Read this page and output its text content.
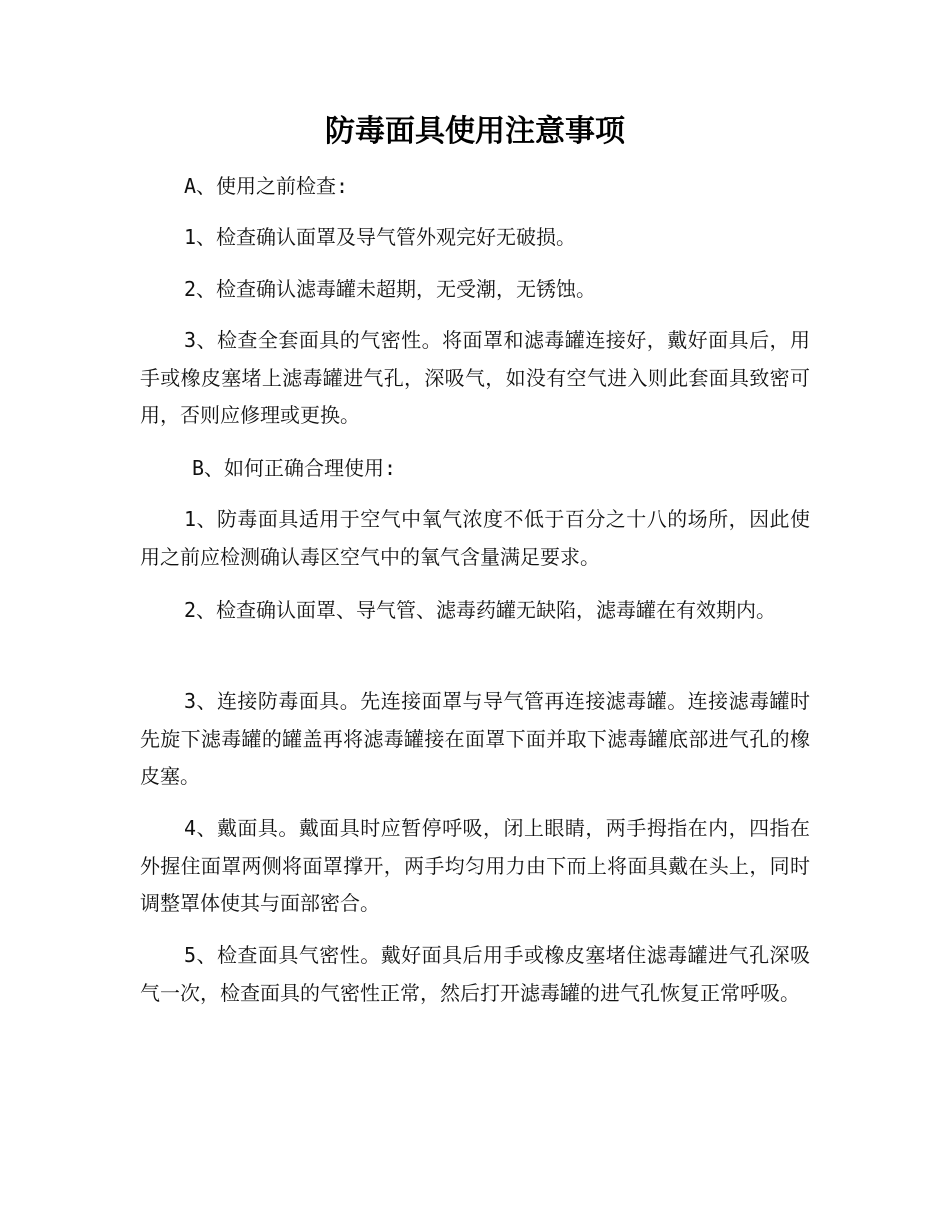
防毒面具使用注意事项

A、使用之前检查:

1、检查确认面罩及导气管外观完好无破损。

2、检查确认滤毒罐未超期，无受潮，无锈蚀。

3、检查全套面具的气密性。将面罩和滤毒罐连接好，戴好面具后，用手或橡皮塞堵上滤毒罐进气孔，深吸气，如没有空气进入则此套面具致密可用，否则应修理或更换。

B、如何正确合理使用:

1、防毒面具适用于空气中氧气浓度不低于百分之十八的场所，因此使用之前应检测确认毒区空气中的氧气含量满足要求。

2、检查确认面罩、导气管、滤毒药罐无缺陷，滤毒罐在有效期内。

3、连接防毒面具。先连接面罩与导气管再连接滤毒罐。连接滤毒罐时先旋下滤毒罐的罐盖再将滤毒罐接在面罩下面并取下滤毒罐底部进气孔的橡皮塞。

4、戴面具。戴面具时应暂停呼吸，闭上眼睛，两手拇指在内，四指在外握住面罩两侧将面罩撑开，两手均匀用力由下而上将面具戴在头上，同时调整罩体使其与面部密合。

5、检查面具气密性。戴好面具后用手或橡皮塞堵住滤毒罐进气孔深吸气一次，检查面具的气密性正常，然后打开滤毒罐的进气孔恢复正常呼吸。
